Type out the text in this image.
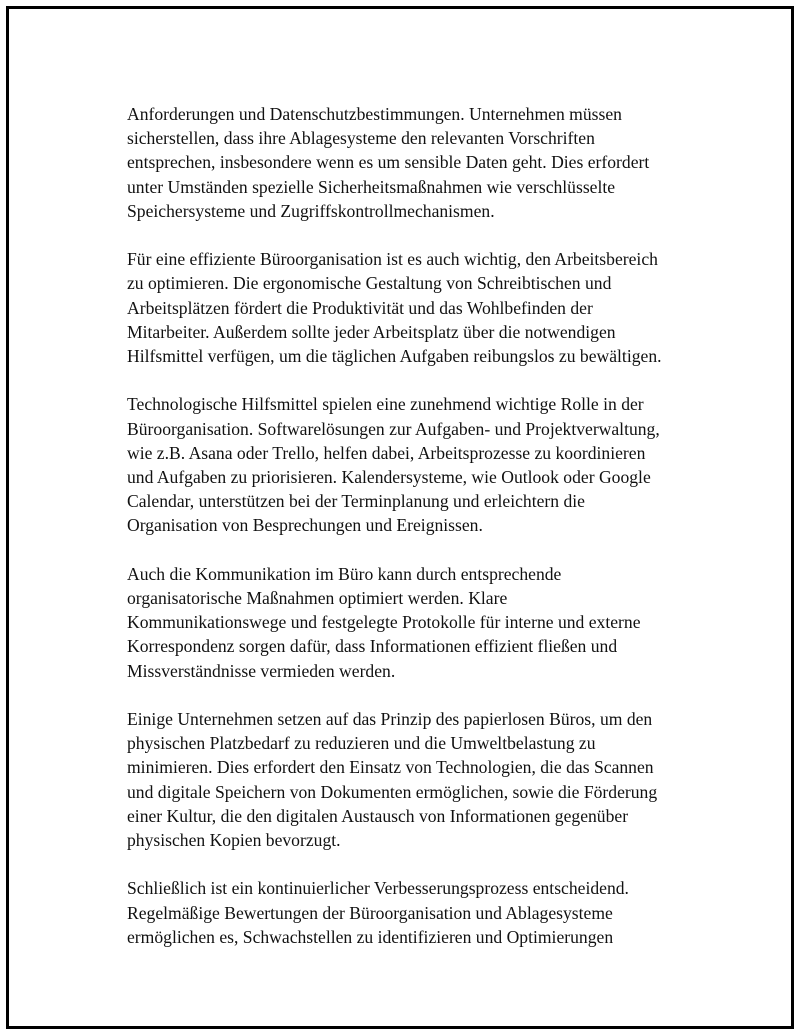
Anforderungen und Datenschutzbestimmungen. Unternehmen müssen
sicherstellen, dass ihre Ablagesysteme den relevanten Vorschriften
entsprechen, insbesondere wenn es um sensible Daten geht. Dies erfordert
unter Umständen spezielle Sicherheitsmaßnahmen wie verschlüsselte
Speichersysteme und Zugriffskontrollmechanismen.

Für eine effiziente Büroorganisation ist es auch wichtig, den Arbeitsbereich
zu optimieren. Die ergonomische Gestaltung von Schreibtischen und
Arbeitsplätzen fördert die Produktivität und das Wohlbefinden der
Mitarbeiter. Außerdem sollte jeder Arbeitsplatz über die notwendigen
Hilfsmittel verfügen, um die täglichen Aufgaben reibungslos zu bewältigen.

Technologische Hilfsmittel spielen eine zunehmend wichtige Rolle in der
Büroorganisation. Softwarelösungen zur Aufgaben- und Projektverwaltung,
wie z.B. Asana oder Trello, helfen dabei, Arbeitsprozesse zu koordinieren
und Aufgaben zu priorisieren. Kalendersysteme, wie Outlook oder Google
Calendar, unterstützen bei der Terminplanung und erleichtern die
Organisation von Besprechungen und Ereignissen.

Auch die Kommunikation im Büro kann durch entsprechende
organisatorische Maßnahmen optimiert werden. Klare
Kommunikationswege und festgelegte Protokolle für interne und externe
Korrespondenz sorgen dafür, dass Informationen effizient fließen und
Missverständnisse vermieden werden.

Einige Unternehmen setzen auf das Prinzip des papierlosen Büros, um den
physischen Platzbedarf zu reduzieren und die Umweltbelastung zu
minimieren. Dies erfordert den Einsatz von Technologien, die das Scannen
und digitale Speichern von Dokumenten ermöglichen, sowie die Förderung
einer Kultur, die den digitalen Austausch von Informationen gegenüber
physischen Kopien bevorzugt.

Schließlich ist ein kontinuierlicher Verbesserungsprozess entscheidend.
Regelmäßige Bewertungen der Büroorganisation und Ablagesysteme
ermöglichen es, Schwachstellen zu identifizieren und Optimierungen
